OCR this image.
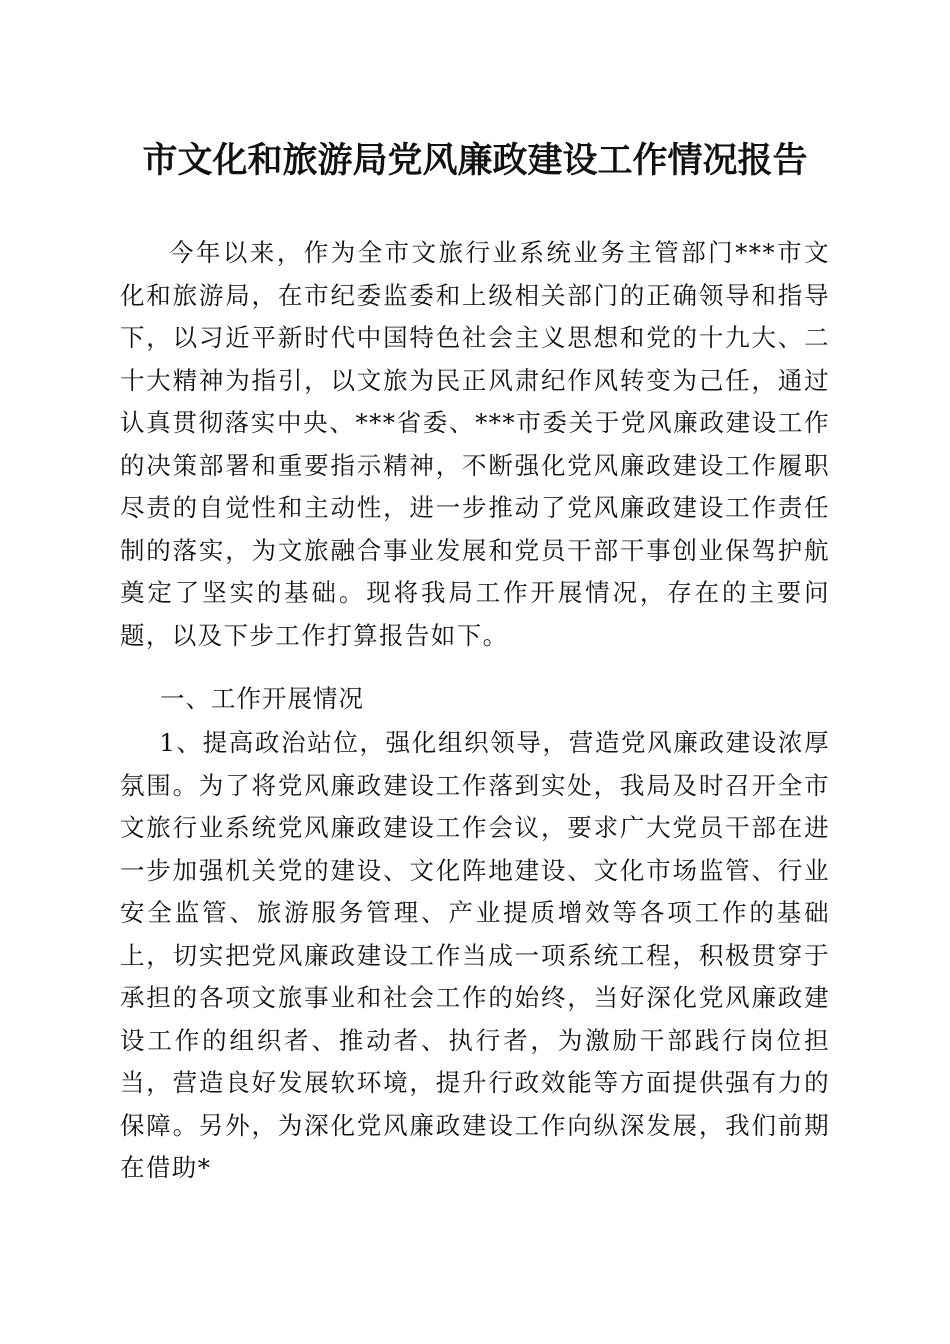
市文化和旅游局党风廉政建设工作情况报告
今年以来，作为全市文旅行业系统业务主管部门***市文化和旅游局，在市纪委监委和上级相关部门的正确领导和指导下，以习近平新时代中国特色社会主义思想和党的十九大、二十大精神为指引，以文旅为民正风肃纪作风转变为己任，通过认真贯彻落实中央、***省委、***市委关于党风廉政建设工作的决策部署和重要指示精神，不断强化党风廉政建设工作履职尽责的自觉性和主动性，进一步推动了党风廉政建设工作责任制的落实，为文旅融合事业发展和党员干部干事创业保驾护航奠定了坚实的基础。现将我局工作开展情况，存在的主要问题，以及下步工作打算报告如下。
一、工作开展情况
1、提高政治站位，强化组织领导，营造党风廉政建设浓厚氛围。为了将党风廉政建设工作落到实处，我局及时召开全市文旅行业系统党风廉政建设工作会议，要求广大党员干部在进一步加强机关党的建设、文化阵地建设、文化市场监管、行业安全监管、旅游服务管理、产业提质增效等各项工作的基础上，切实把党风廉政建设工作当成一项系统工程，积极贯穿于承担的各项文旅事业和社会工作的始终，当好深化党风廉政建设工作的组织者、推动者、执行者，为激励干部践行岗位担当，营造良好发展软环境，提升行政效能等方面提供强有力的保障。另外，为深化党风廉政建设工作向纵深发展，我们前期在借助*
